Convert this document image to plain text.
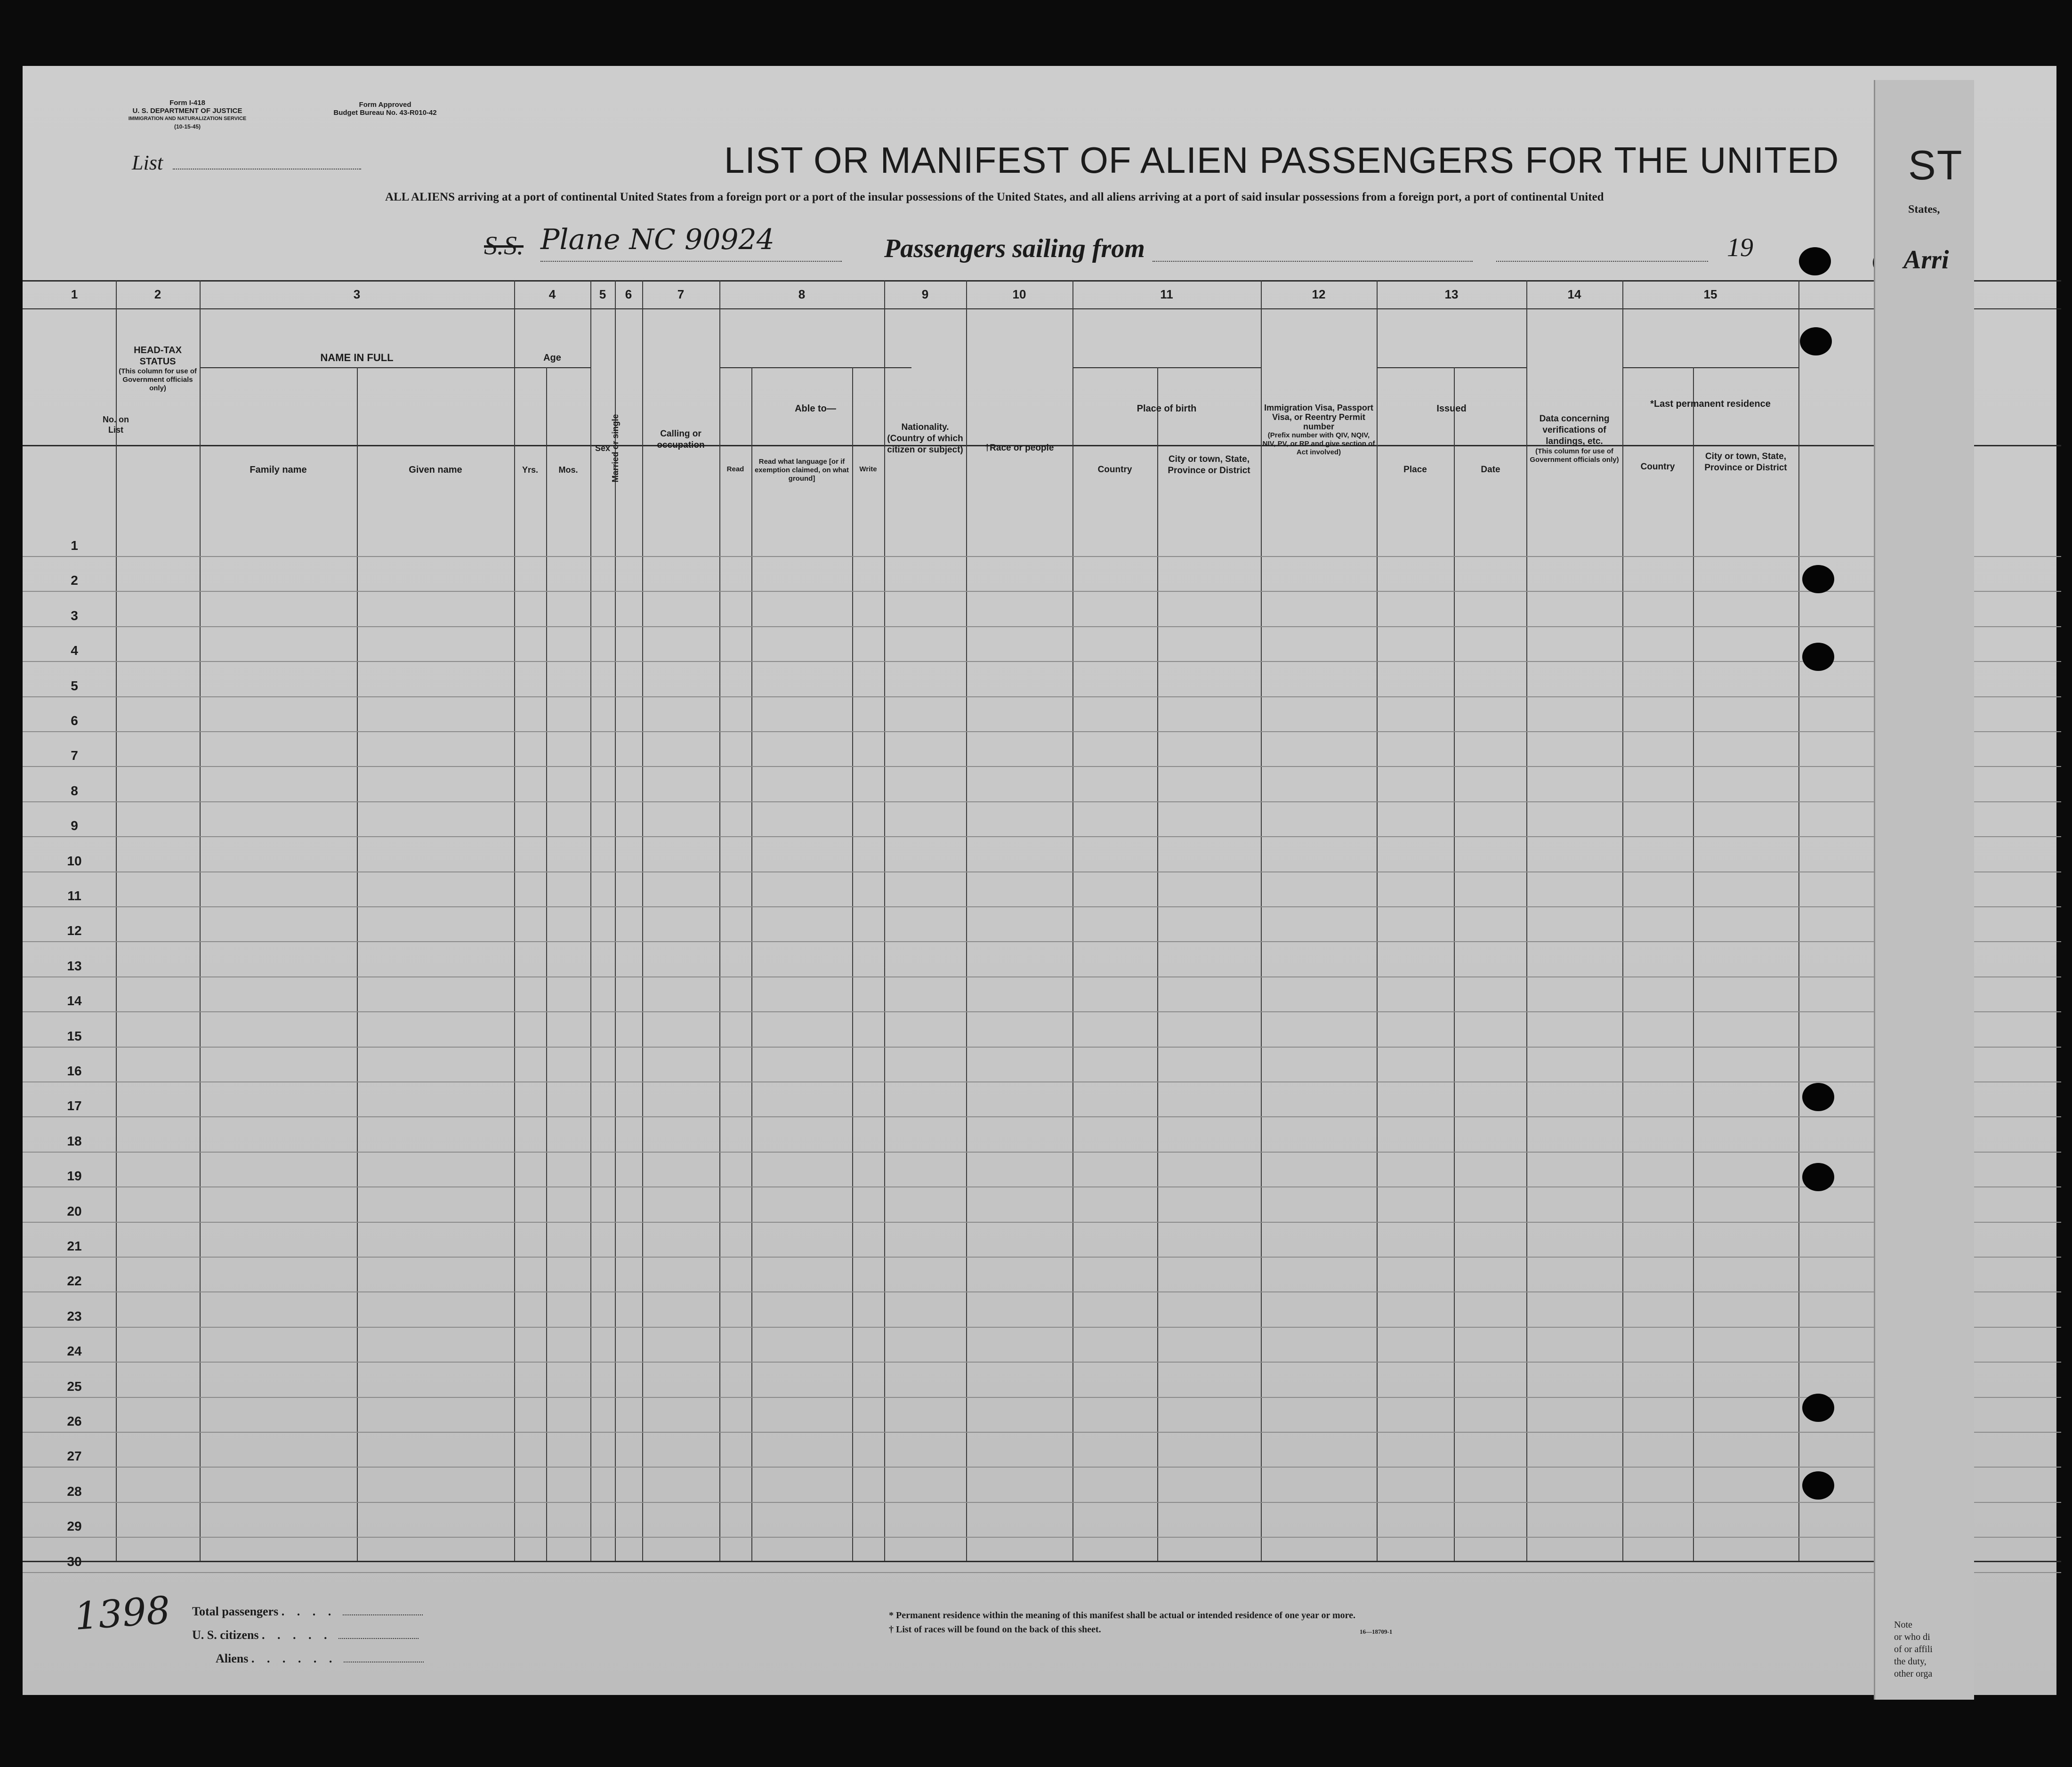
Form I-418
U. S. DEPARTMENT OF JUSTICE
IMMIGRATION AND NATURALIZATION SERVICE
(10-15-45)
Form Approved
Budget Bureau No. 43-R010-42
List	LIST OR MANIFEST OF ALIEN PASSENGERS FOR THE UNITED
ALL ALIENS arriving at a port of continental United States from a foreign port or a port of the insular possessions of the United States, and all aliens arriving at a port of said insular possessions from a foreign port, a port of continental United
S.S. Plane NC 90924	Passengers sailing from	19
1	2	3	4	5	6	7	8	9	10	11	12	13	14	15
No. on List
HEAD-TAX STATUS
(This column for use of Government officials only)
NAME IN FULL
Family name	Given name
Age
Yrs.	Mos.
Sex Married or single	Calling or occupation
Able to—
Read
Read what language [or if exemption claimed, on what ground]
Write
Nationality. (Country of which citizen or subject)	†Race or people
Place of birth
Country
City or town, State, Province or District
Immigration Visa, Passport Visa, or Reentry Permit number
(Prefix number with QIV, NQIV, NIV, PV, or RP and give section of Act involved)
Issued
Place	Date
Data concerning verifications of landings, etc.
(This column for use of Government officials only)
*Last permanent residence
Country
City or town, State, Province or District
1
2
3
4
5
6
7
8
9
10
11
12
13
14
15
16
17
18
19
20
21
22
23
24
25
26
27
28
29
30
1398 Total passengers . . . .
U. S. citizens . . . . .
Aliens . . . . . .
* Permanent residence within the meaning of this manifest shall be actual or intended residence of one year or more.
† List of races will be found on the back of this sheet.	16—18709-1
ST
States,
Arri
Note
or who di
of or affili
the duty,
other orga
